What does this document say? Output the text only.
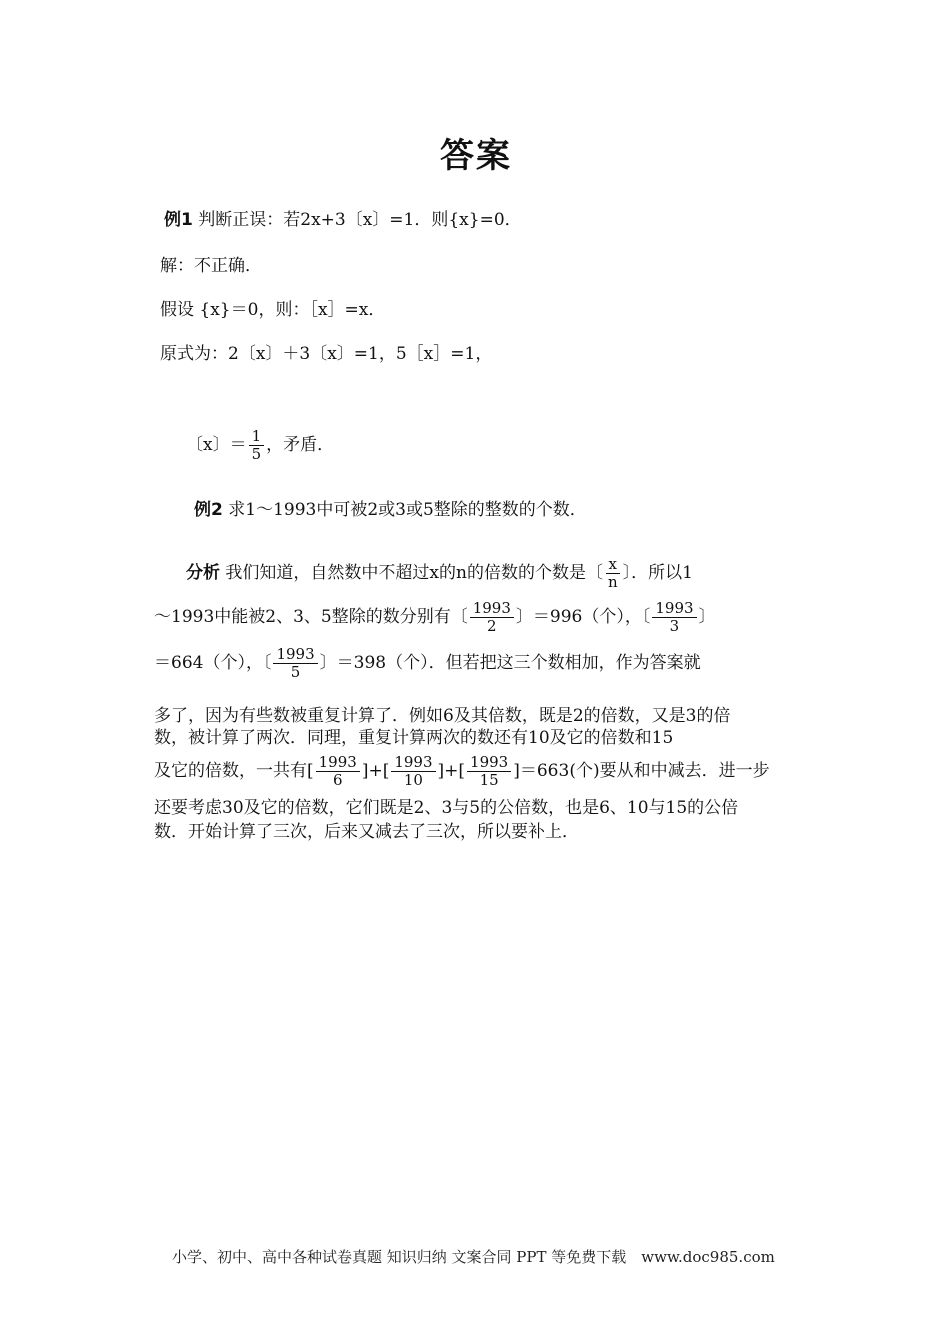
答案
例1 判断正误：若2x+3〔x〕=1．则{x}=0．
解：不正确．
假设 {x}＝0，则：［x］=x．
原式为：2〔x〕＋3〔x〕=1，5［x］=1，
〔x〕＝ $\frac{1}{5}$ ，矛盾．
例2 求1～1993中可被2或3或5整除的整数的个数．
分析 我们知道，自然数中不超过x的n的倍数的个数是〔 $\frac{x}{n}$ 〕．所以1
～1993中能被2、3、5整除的数分别有〔 $\frac{1993}{2}$ 〕＝996（个），〔 $\frac{1993}{3}$ 〕
＝664（个），〔 $\frac{1993}{5}$ 〕＝398（个）．但若把这三个数相加，作为答案就
多了，因为有些数被重复计算了．例如6及其倍数，既是2的倍数，又是3的倍
数，被计算了两次．同理，重复计算两次的数还有10及它的倍数和15
及它的倍数，一共有[ $\frac{1993}{6}$ ]+[ $\frac{1993}{10}$ ]+[ $\frac{1993}{15} ]=663$(个)要从和中减去．进一步
还要考虑30及它的倍数，它们既是2、3与5的公倍数，也是6、10与15的公倍
数．开始计算了三次，后来又减去了三次，所以要补上．
小学、初中、高中各种试卷真题 知识归纳 文案合同 PPT 等免费下载　www.doc985.com
